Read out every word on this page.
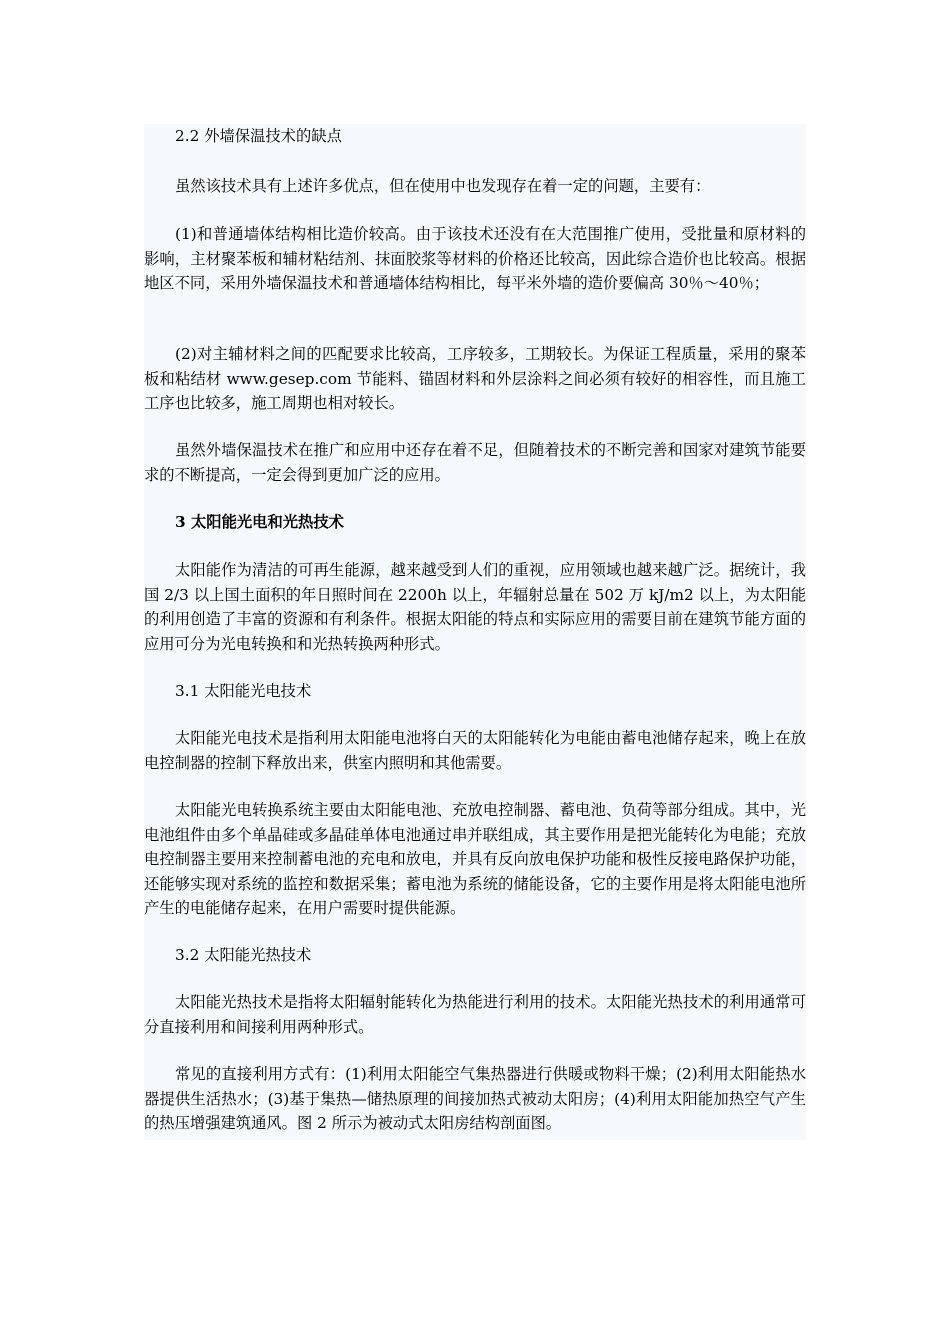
2.2 外墙保温技术的缺点

虽然该技术具有上述许多优点，但在使用中也发现存在着一定的问题，主要有：

(1)和普通墙体结构相比造价较高。由于该技术还没有在大范围推广使用，受批量和原材料的影响，主材聚苯板和辅材粘结剂、抹面胶浆等材料的价格还比较高，因此综合造价也比较高。根据地区不同，采用外墙保温技术和普通墙体结构相比，每平米外墙的造价要偏高 30％～40％；

(2)对主辅材料之间的匹配要求比较高，工序较多，工期较长。为保证工程质量，采用的聚苯板和粘结材 www.gesep.com 节能料、锚固材料和外层涂料之间必须有较好的相容性，而且施工工序也比较多，施工周期也相对较长。

虽然外墙保温技术在推广和应用中还存在着不足，但随着技术的不断完善和国家对建筑节能要求的不断提高，一定会得到更加广泛的应用。

3 太阳能光电和光热技术

太阳能作为清洁的可再生能源，越来越受到人们的重视，应用领域也越来越广泛。据统计，我国 2/3 以上国土面积的年日照时间在 2200h 以上，年辐射总量在 502 万 kJ/m2 以上，为太阳能的利用创造了丰富的资源和有利条件。根据太阳能的特点和实际应用的需要目前在建筑节能方面的应用可分为光电转换和和光热转换两种形式。

3.1 太阳能光电技术

太阳能光电技术是指利用太阳能电池将白天的太阳能转化为电能由蓄电池储存起来，晚上在放电控制器的控制下释放出来，供室内照明和其他需要。

太阳能光电转换系统主要由太阳能电池、充放电控制器、蓄电池、负荷等部分组成。其中，光电池组件由多个单晶硅或多晶硅单体电池通过串并联组成，其主要作用是把光能转化为电能；充放电控制器主要用来控制蓄电池的充电和放电，并具有反向放电保护功能和极性反接电路保护功能，还能够实现对系统的监控和数据采集；蓄电池为系统的储能设备，它的主要作用是将太阳能电池所产生的电能储存起来，在用户需要时提供能源。

3.2 太阳能光热技术

太阳能光热技术是指将太阳辐射能转化为热能进行利用的技术。太阳能光热技术的利用通常可分直接利用和间接利用两种形式。

常见的直接利用方式有：(1)利用太阳能空气集热器进行供暖或物料干燥；(2)利用太阳能热水器提供生活热水；(3)基于集热—储热原理的间接加热式被动太阳房；(4)利用太阳能加热空气产生的热压增强建筑通风。图 2 所示为被动式太阳房结构剖面图。
